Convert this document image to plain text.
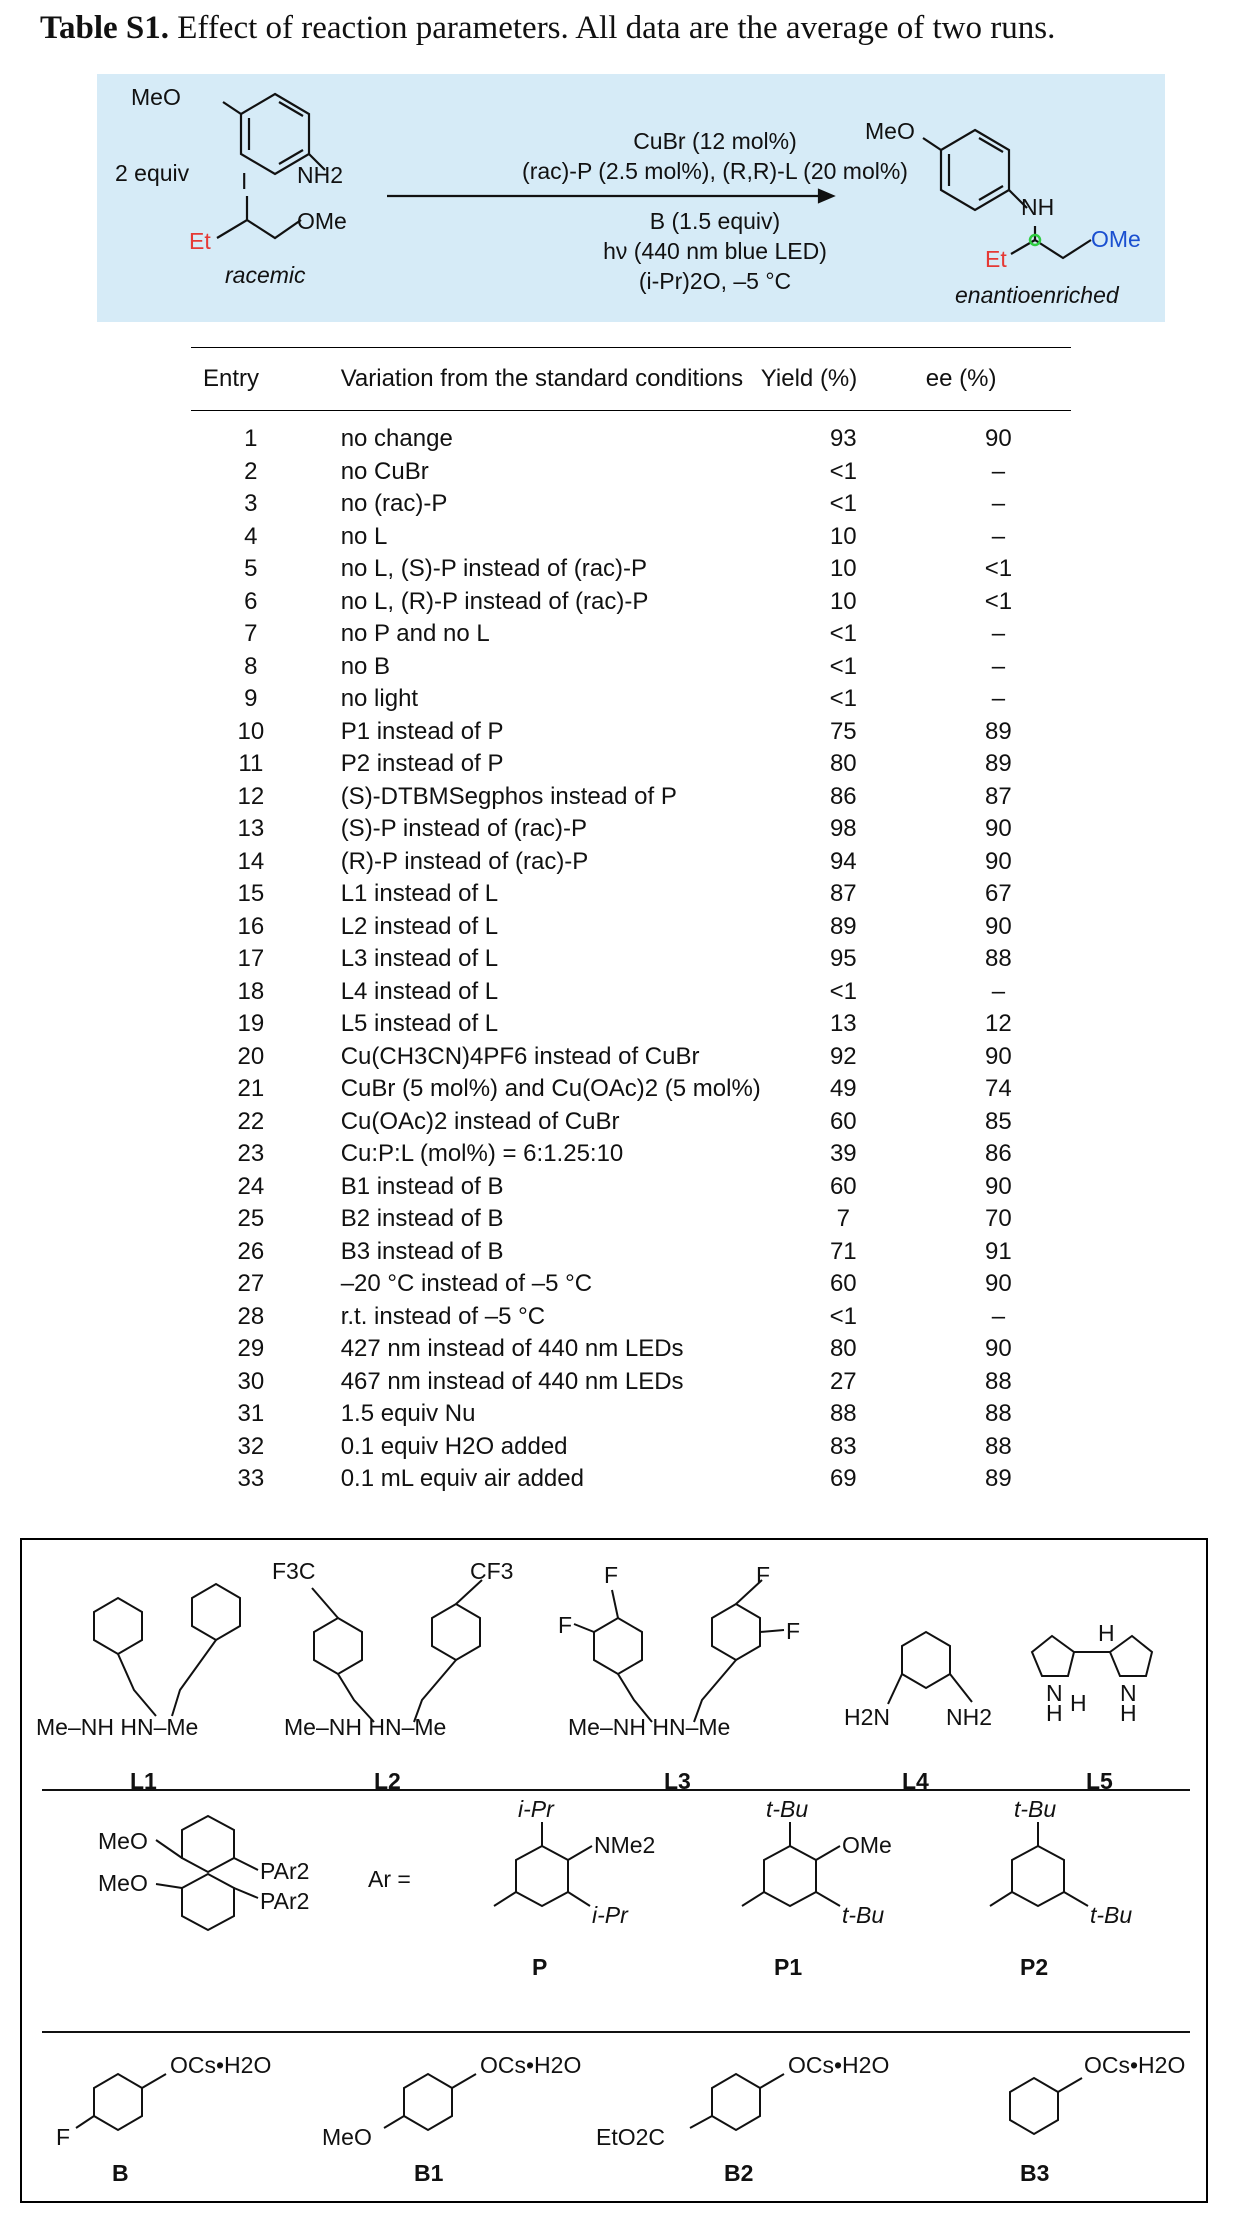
Table S1. Effect of reaction parameters. All data are the average of two runs.
MeO
NH2
2 equiv I
OMe
Et
racemic
CuBr (12 mol%)
(rac)-P (2.5 mol%), (R,R)-L (20 mol%)
B (1.5 equiv)
hν (440 nm blue LED)
(i-Pr)2O, –5 °C
MeO
NH
OMe
Et
enantioenriched
Entry	Variation from the standard conditions	Yield (%)	ee (%)
1	no change	93	90
2	no CuBr	<1	–
3	no (rac)-P	<1	–
4	no L	10	–
5	no L, (S)-P instead of (rac)-P	10	<1
6	no L, (R)-P instead of (rac)-P	10	<1
7	no P and no L	<1	–
8	no B	<1	–
9	no light	<1	–
10	P1 instead of P	75	89
11	P2 instead of P	80	89
12	(S)-DTBMSegphos instead of P	86	87
13	(S)-P instead of (rac)-P	98	90
14	(R)-P instead of (rac)-P	94	90
15	L1 instead of L	87	67
16	L2 instead of L	89	90
17	L3 instead of L	95	88
18	L4 instead of L	<1	–
19	L5 instead of L	13	12
20	Cu(CH3CN)4PF6 instead of CuBr	92	90
21	CuBr (5 mol%) and Cu(OAc)2 (5 mol%)	49	74
22	Cu(OAc)2 instead of CuBr	60	85
23	Cu:P:L (mol%) = 6:1.25:10	39	86
24	B1 instead of B	60	90
25	B2 instead of B	7	70
26	B3 instead of B	71	91
27	–20 °C instead of –5 °C	60	90
28	r.t. instead of –5 °C	<1	–
29	427 nm instead of 440 nm LEDs	80	90
30	467 nm instead of 440 nm LEDs	27	88
31	1.5 equiv Nu	88	88
32	0.1 equiv H2O added	83	88
33	0.1 mL equiv air added	69	89
Me–NH HN–Me
L1
F3C	CF3
Me–NH HN–Me
L2
F
F	F
F
Me–NH HN–Me
L3
H2N NH2
L4
N N
H H
H
H
L5
MeO
MeO	PAr2
PAr2
Ar =
i-Pr
NMe2
i-Pr
P
t-Bu
OMe
t-Bu
P1
t-Bu
t-Bu
P2
OCs•H2O
F
B
OCs•H2O
MeO
B1
OCs•H2O
EtO2C
B2
OCs•H2O
B3
